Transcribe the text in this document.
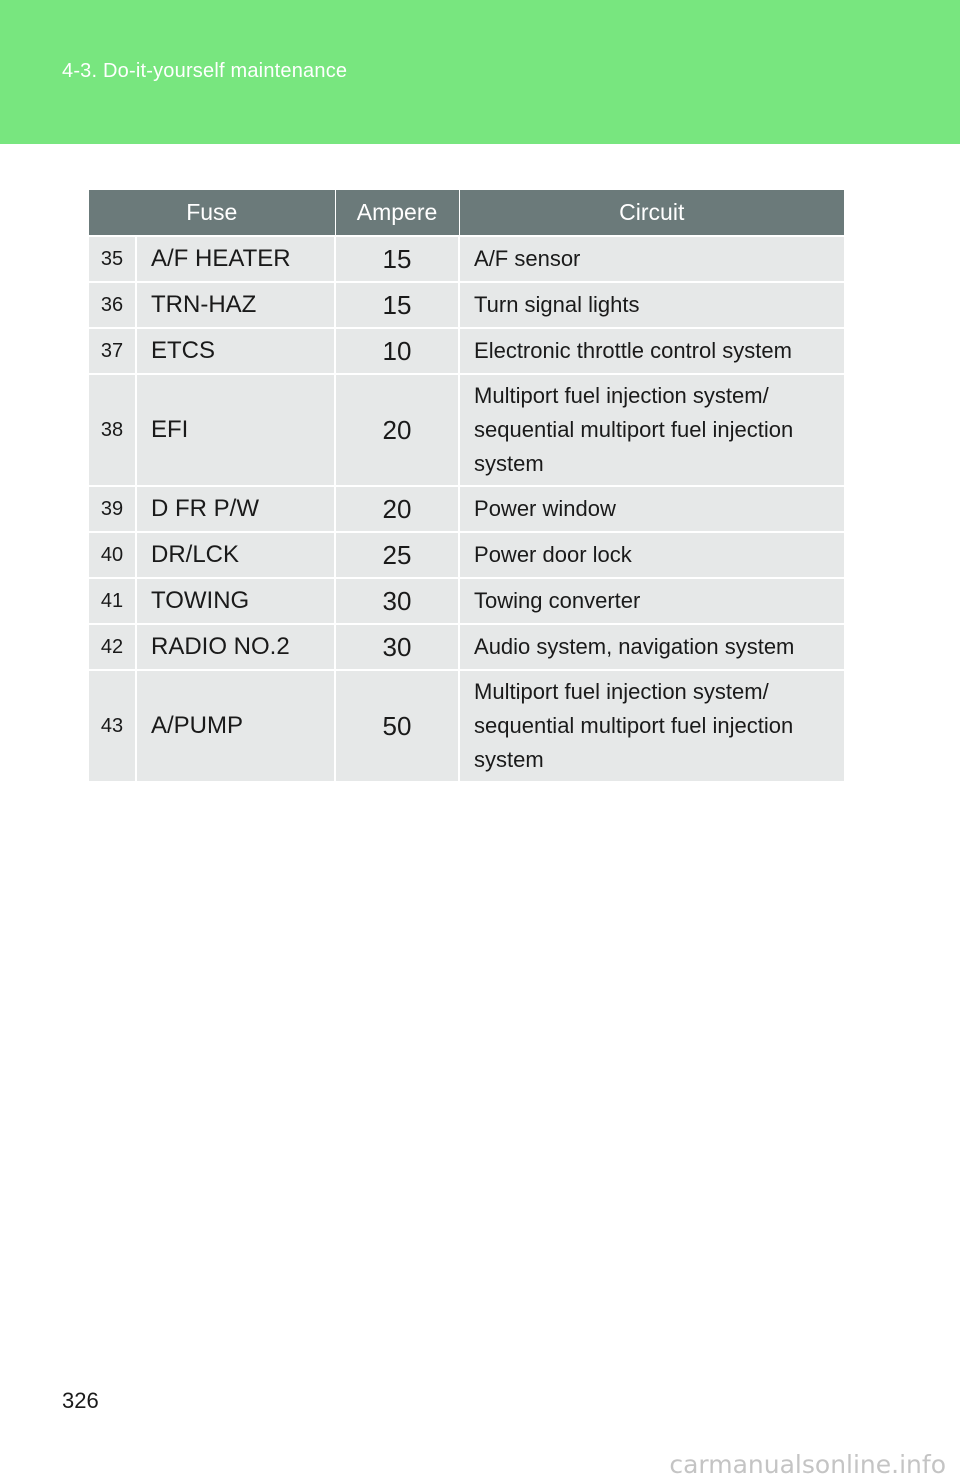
4-3. Do-it-yourself maintenance
Fuse		Ampere	Circuit
35	A/F HEATER	15	A/F sensor
36	TRN-HAZ	15	Turn signal lights
37	ETCS	10	Electronic throttle control system
38	EFI	20	Multiport fuel injection system/ sequential multiport fuel injection system
39	D FR P/W	20	Power window
40	DR/LCK	25	Power door lock
41	TOWING	30	Towing converter
42	RADIO NO.2	30	Audio system, navigation system
43	A/PUMP	50	Multiport fuel injection system/ sequential multiport fuel injection system
326
carmanualsonline.info
